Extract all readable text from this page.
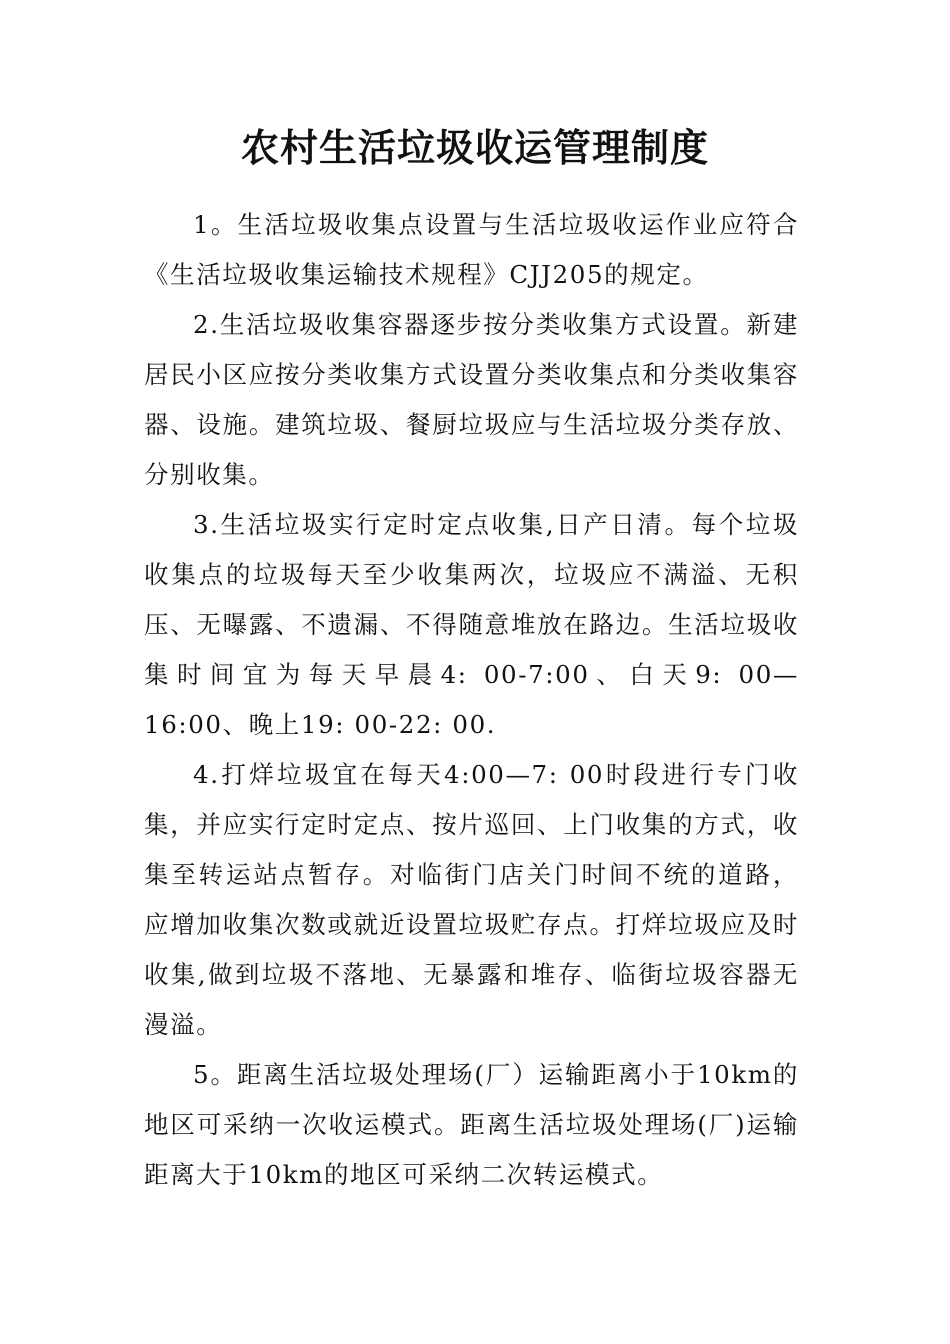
农村生活垃圾收运管理制度

1。生活垃圾收集点设置与生活垃圾收运作业应符合《生活垃圾收集运输技术规程》CJJ205的规定。

2.生活垃圾收集容器逐步按分类收集方式设置。新建居民小区应按分类收集方式设置分类收集点和分类收集容器、设施。建筑垃圾、餐厨垃圾应与生活垃圾分类存放、分别收集。

3.生活垃圾实行定时定点收集,日产日清。每个垃圾收集点的垃圾每天至少收集两次，垃圾应不满溢、无积压、无曝露、不遗漏、不得随意堆放在路边。生活垃圾收集时间宜为每天早晨4: 00-7:00、白天9: 00—16:00、晚上19: 00-22: 00.

4.打烊垃圾宜在每天4:00—7: 00时段进行专门收集，并应实行定时定点、按片巡回、上门收集的方式，收集至转运站点暂存。对临街门店关门时间不统的道路， 应增加收集次数或就近设置垃圾贮存点。打烊垃圾应及时收集,做到垃圾不落地、无暴露和堆存、临街垃圾容器无漫溢。

5。距离生活垃圾处理场(厂）运输距离小于10km的地区可采纳一次收运模式。距离生活垃圾处理场(厂)运输距离大于10km的地区可采纳二次转运模式。
